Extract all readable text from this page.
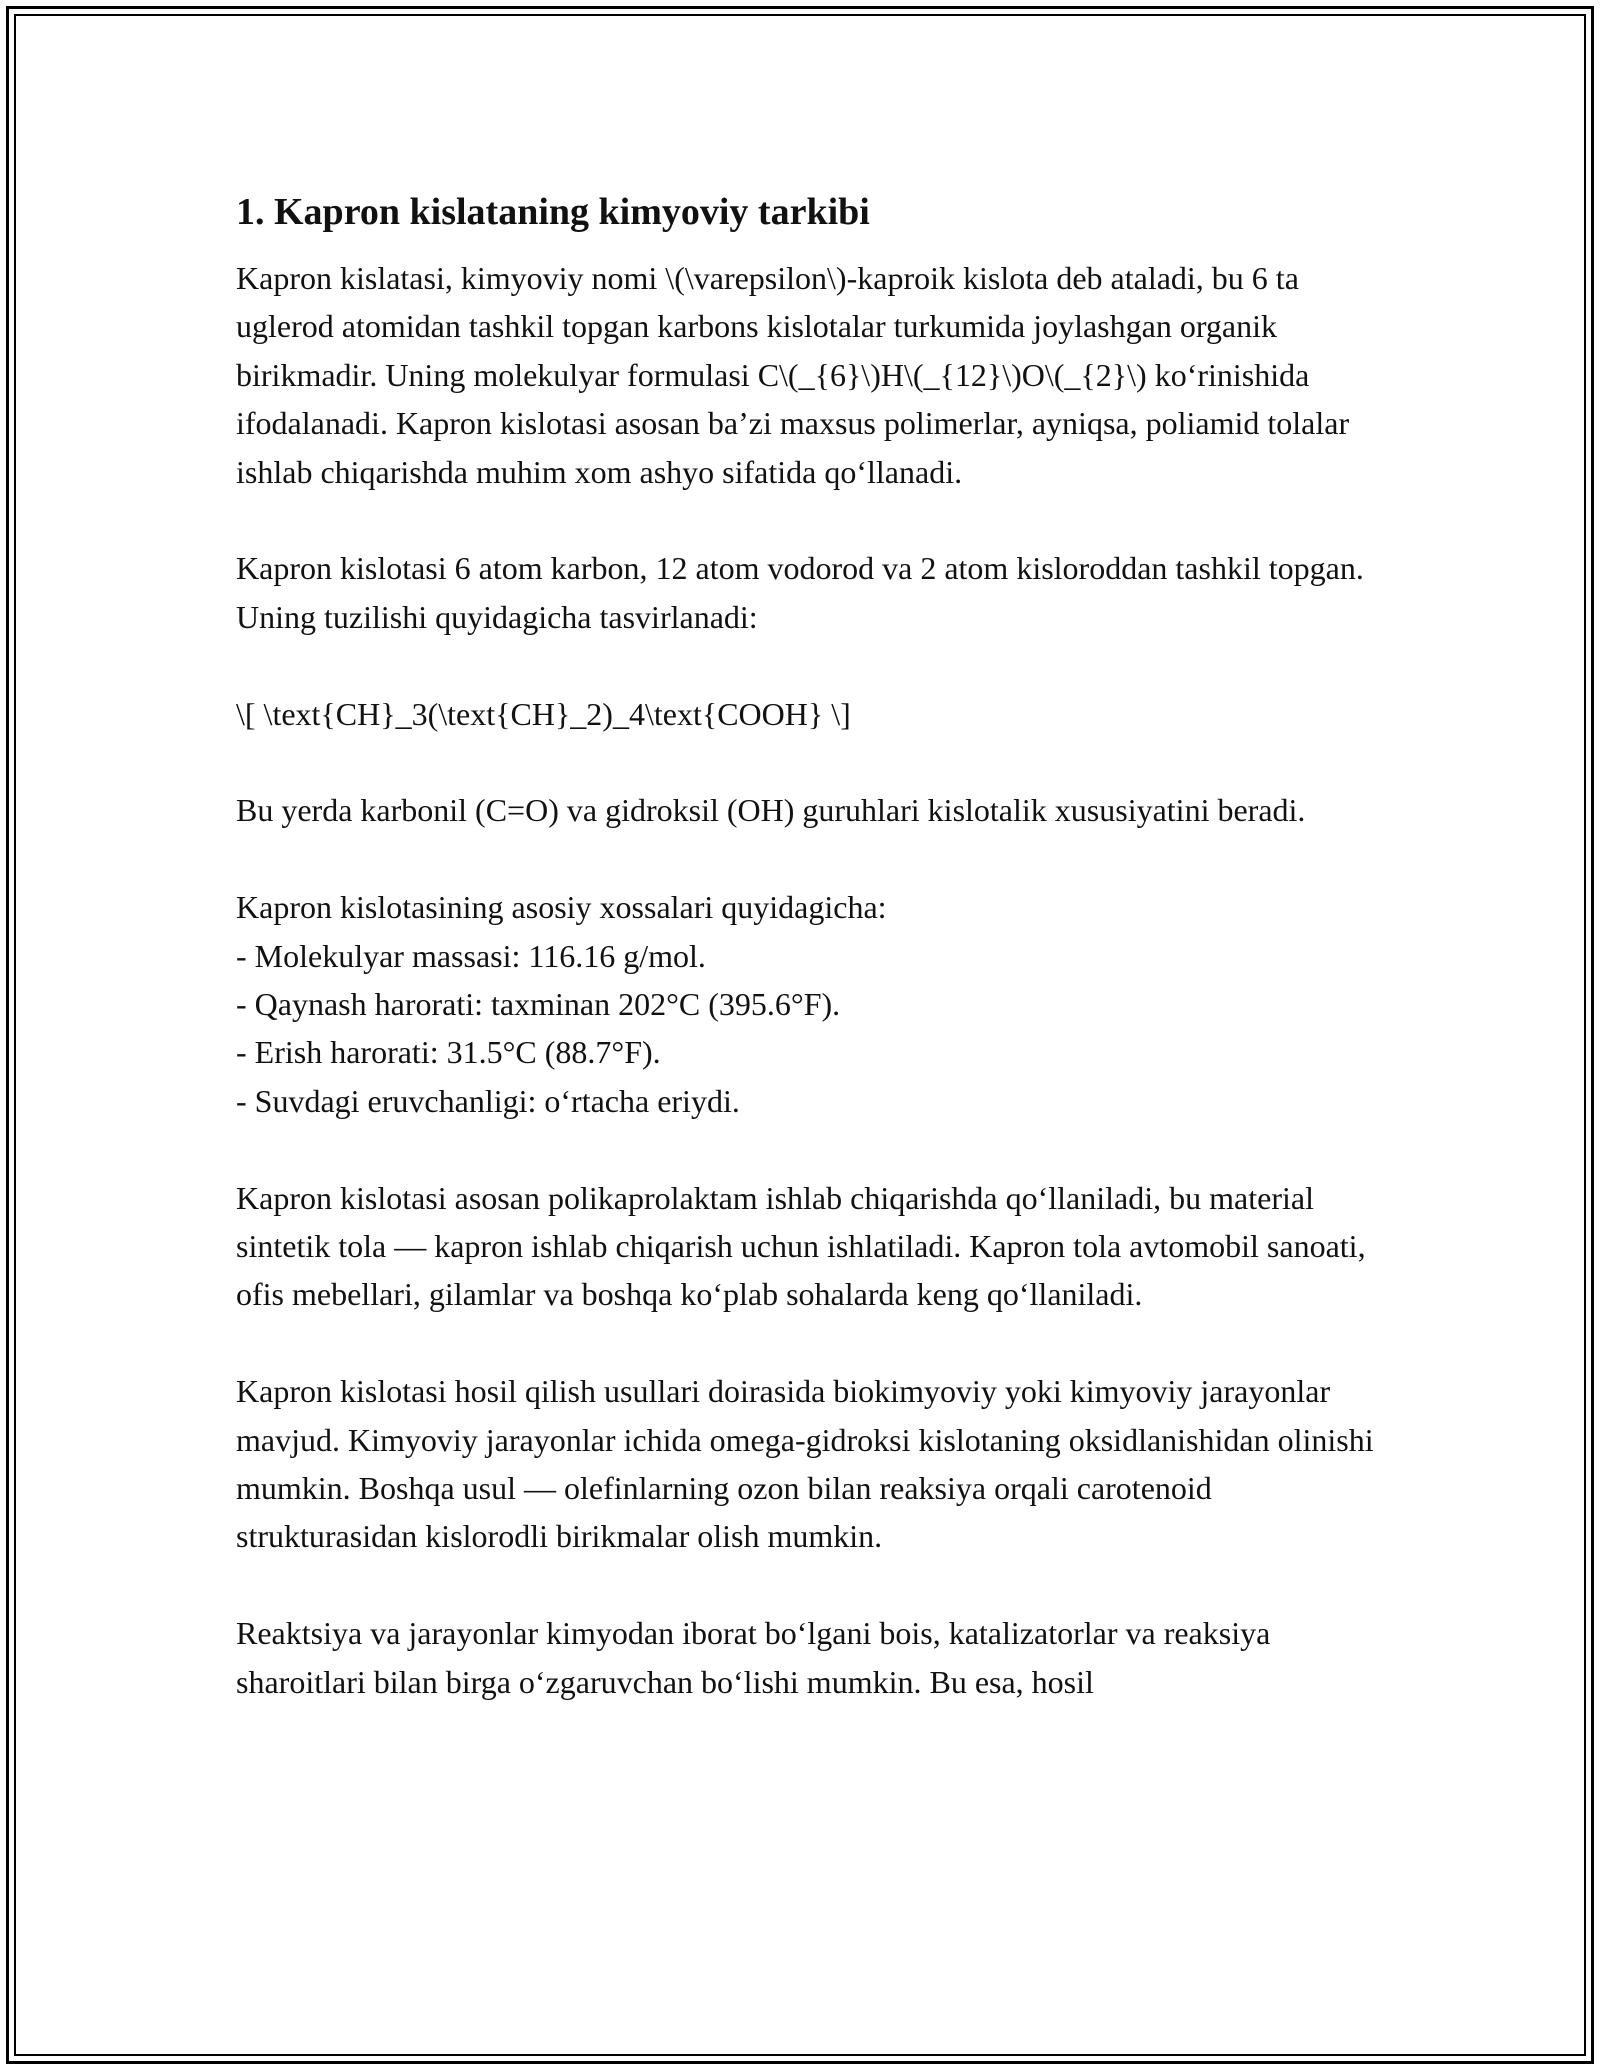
1. Kapron kislataning kimyoviy tarkibi

Kapron kislatasi, kimyoviy nomi \(\varepsilon\)-kaproik kislota deb ataladi, bu 6 ta uglerod atomidan tashkil topgan karbons kislotalar turkumida joylashgan organik birikmadir. Uning molekulyar formulasi C\(_{6}\)H\(_{12}\)O\(_{2}\) ko‘rinishida ifodalanadi. Kapron kislotasi asosan ba’zi maxsus polimerlar, ayniqsa, poliamid tolalar ishlab chiqarishda muhim xom ashyo sifatida qo‘llanadi.

Kapron kislotasi 6 atom karbon, 12 atom vodorod va 2 atom kisloroddan tashkil topgan. Uning tuzilishi quyidagicha tasvirlanadi:

\[ \text{CH}_3(\text{CH}_2)_4\text{COOH} \]

Bu yerda karbonil (C=O) va gidroksil (OH) guruhlari kislotalik xususiyatini beradi.

Kapron kislotasining asosiy xossalari quyidagicha:

- Molekulyar massasi: 116.16 g/mol.
- Qaynash harorati: taxminan 202°C (395.6°F).
- Erish harorati: 31.5°C (88.7°F).
- Suvdagi eruvchanligi: o‘rtacha eriydi.

Kapron kislotasi asosan polikaprolaktam ishlab chiqarishda qo‘llaniladi, bu material sintetik tola — kapron ishlab chiqarish uchun ishlatiladi. Kapron tola avtomobil sanoati, ofis mebellari, gilamlar va boshqa ko‘plab sohalarda keng qo‘llaniladi.

Kapron kislotasi hosil qilish usullari doirasida biokimyoviy yoki kimyoviy jarayonlar mavjud. Kimyoviy jarayonlar ichida omega-gidroksi kislotaning oksidlanishidan olinishi mumkin. Boshqa usul — olefinlarning ozon bilan reaksiya orqali carotenoid strukturasidan kislorodli birikmalar olish mumkin.

Reaktsiya va jarayonlar kimyodan iborat bo‘lgani bois, katalizatorlar va reaksiya sharoitlari bilan birga o‘zgaruvchan bo‘lishi mumkin. Bu esa, hosil
